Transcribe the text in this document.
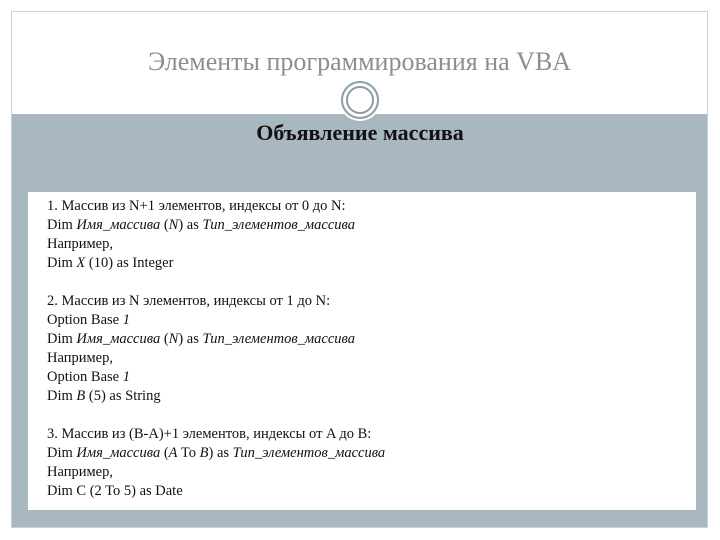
Элементы программирования на VBA
Объявление массива
1. Массив из N+1 элементов, индексы от 0 до N:
Dim Имя_массива (N) as Тип_элементов_массива
Например,
Dim X (10) as Integer
2. Массив из N элементов, индексы от 1 до N:
Option Base 1
Dim Имя_массива (N) as Тип_элементов_массива
Например,
Option Base 1
Dim B (5) as String
3. Массив из (B-A)+1 элементов, индексы от A до B:
Dim Имя_массива (A To B) as Тип_элементов_массива
Например,
Dim C (2 To 5) as Date
